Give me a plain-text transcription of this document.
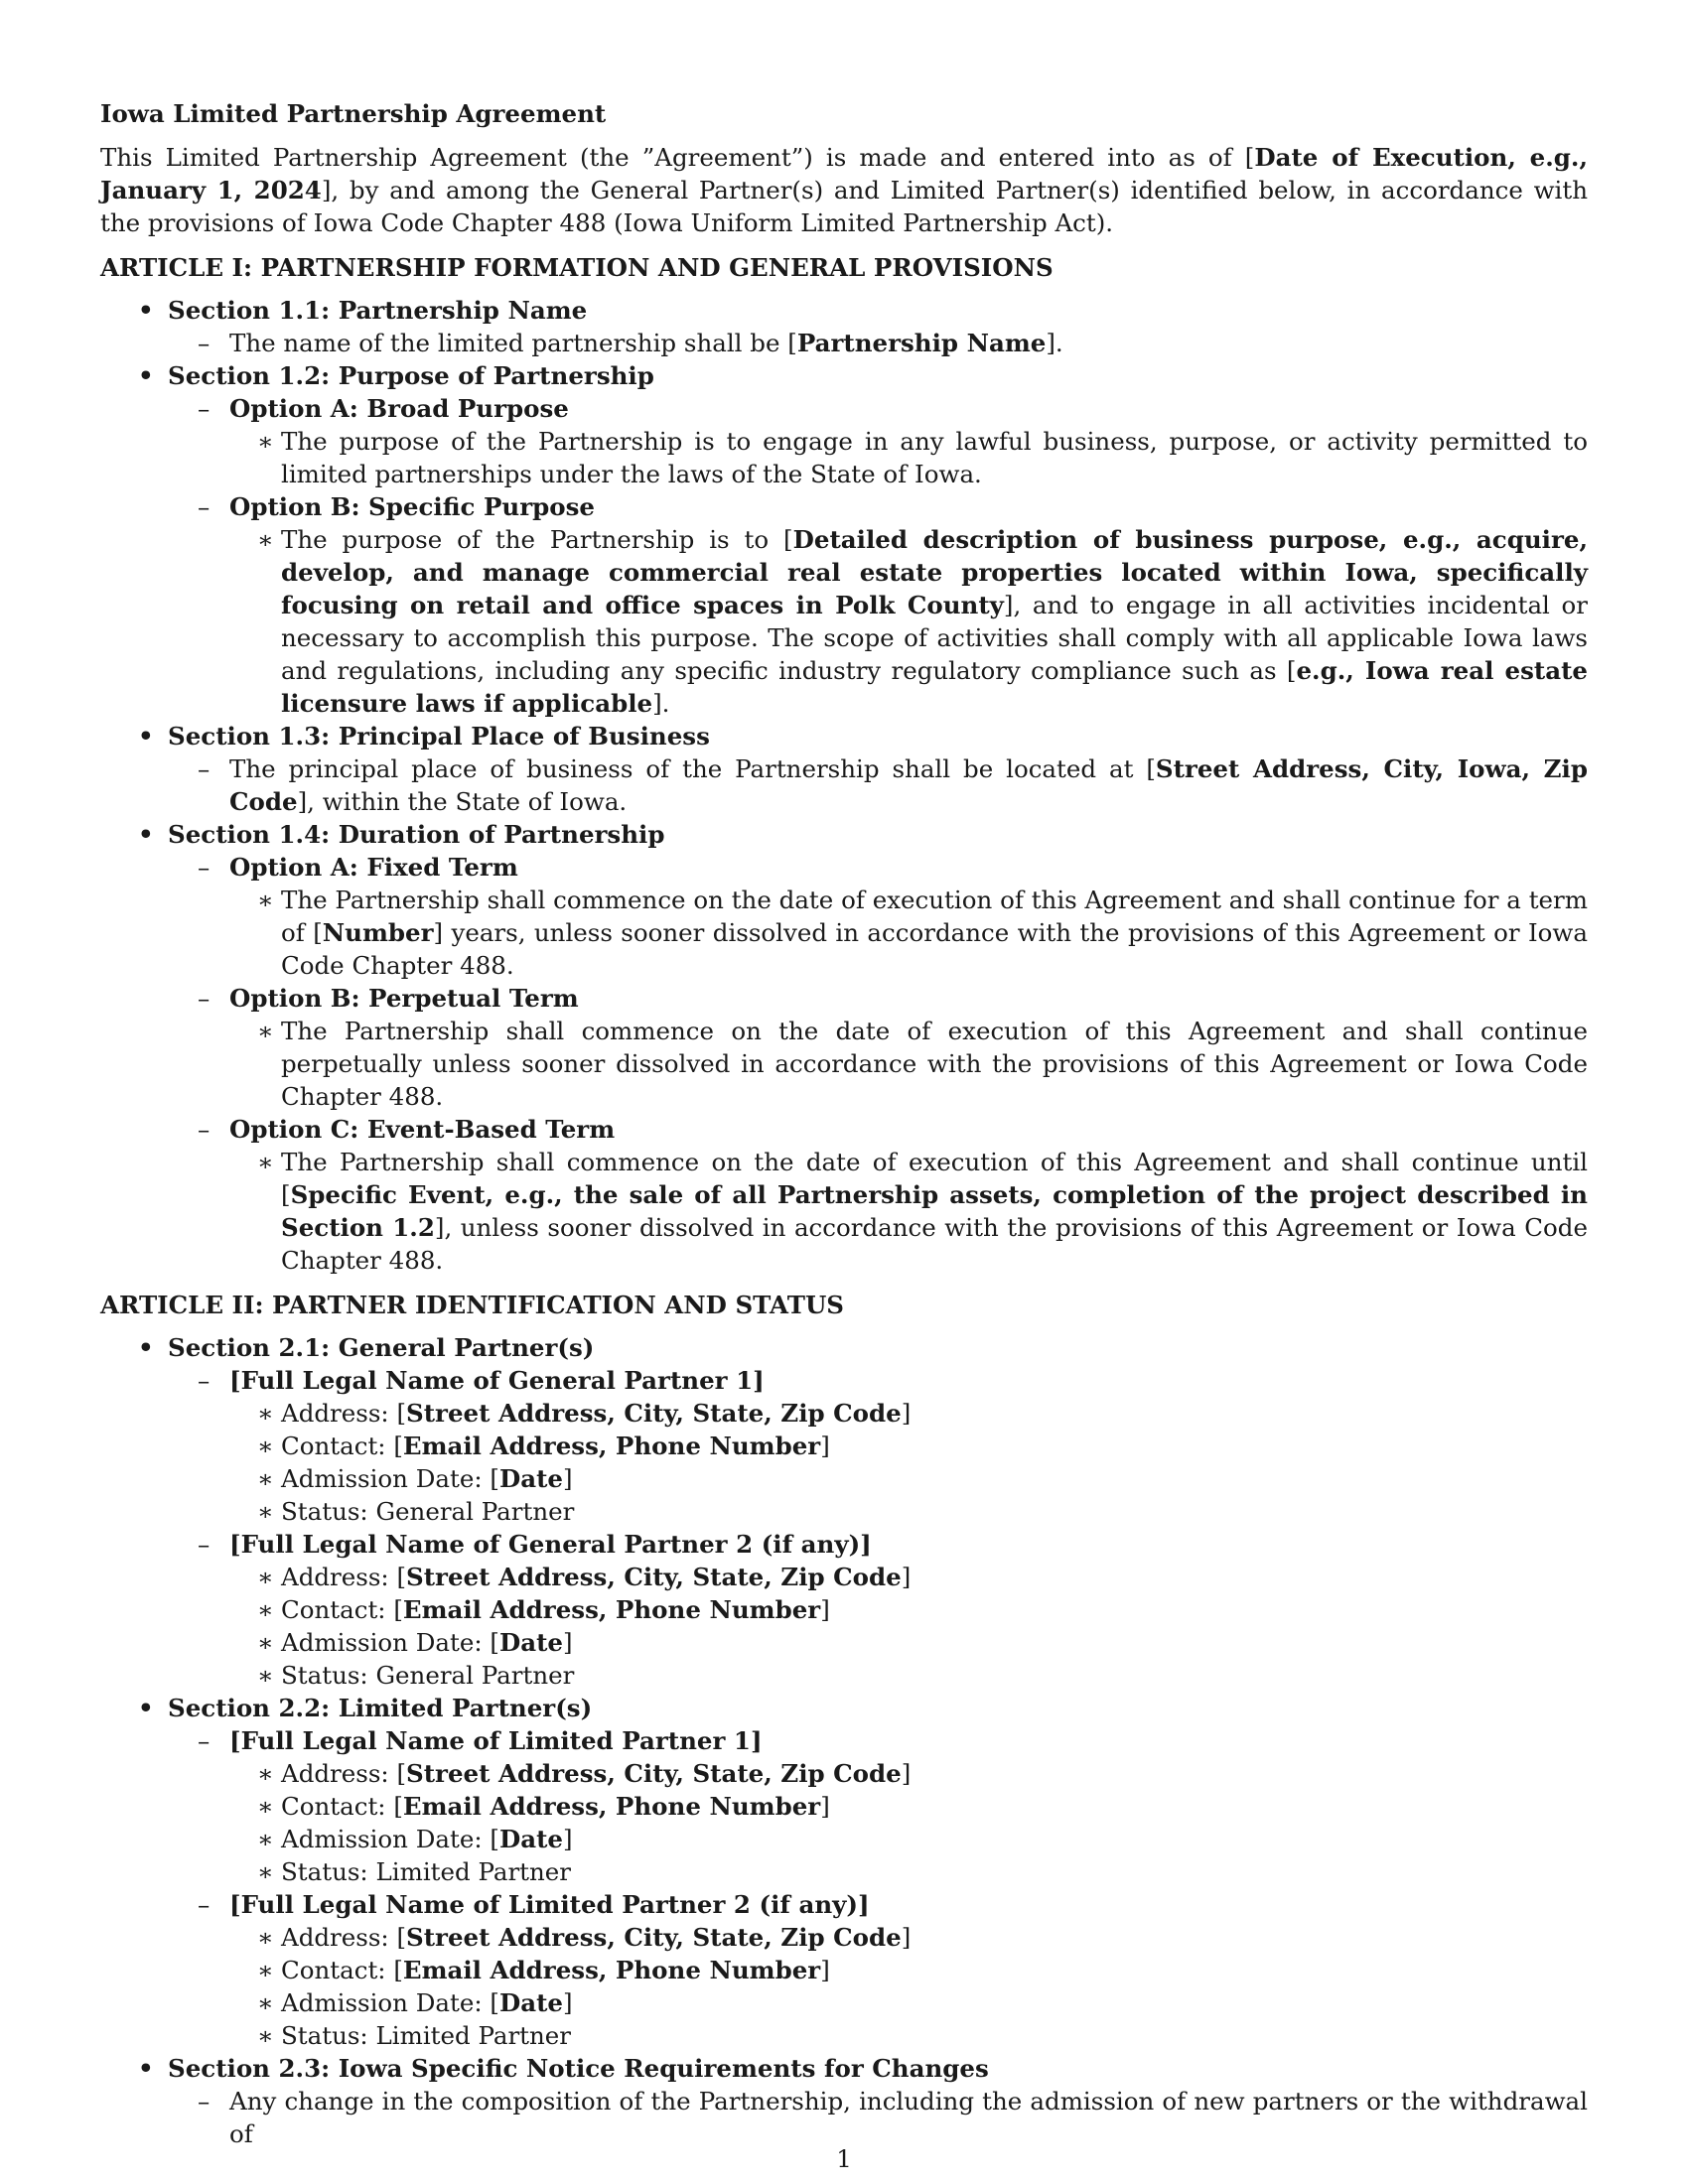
Iowa Limited Partnership Agreement

This Limited Partnership Agreement (the ”Agreement”) is made and entered into as of [Date of Execution, e.g., January 1, 2024], by and among the General Partner(s) and Limited Partner(s) identified below, in accordance with the provisions of Iowa Code Chapter 488 (Iowa Uniform Limited Partnership Act).

ARTICLE I: PARTNERSHIP FORMATION AND GENERAL PROVISIONS
• Section 1.1: Partnership Name
– The name of the limited partnership shall be [Partnership Name].
• Section 1.2: Purpose of Partnership
– Option A: Broad Purpose
∗ The purpose of the Partnership is to engage in any lawful business, purpose, or activity permitted to limited partnerships under the laws of the State of Iowa.
– Option B: Specific Purpose
∗ The purpose of the Partnership is to [Detailed description of business purpose, e.g., acquire, develop, and manage commercial real estate properties located within Iowa, specifically focusing on retail and office spaces in Polk County], and to engage in all activities incidental or necessary to accomplish this purpose. The scope of activities shall comply with all applicable Iowa laws and regulations, including any specific industry regulatory compliance such as [e.g., Iowa real estate licensure laws if applicable].
• Section 1.3: Principal Place of Business
– The principal place of business of the Partnership shall be located at [Street Address, City, Iowa, Zip Code], within the State of Iowa.
• Section 1.4: Duration of Partnership
– Option A: Fixed Term
∗ The Partnership shall commence on the date of execution of this Agreement and shall continue for a term of [Number] years, unless sooner dissolved in accordance with the provisions of this Agreement or Iowa Code Chapter 488.
– Option B: Perpetual Term
∗ The Partnership shall commence on the date of execution of this Agreement and shall continue perpetually unless sooner dissolved in accordance with the provisions of this Agreement or Iowa Code Chapter 488.
– Option C: Event-Based Term
∗ The Partnership shall commence on the date of execution of this Agreement and shall continue until [Specific Event, e.g., the sale of all Partnership assets, completion of the project described in Section 1.2], unless sooner dissolved in accordance with the provisions of this Agreement or Iowa Code Chapter 488.
ARTICLE II: PARTNER IDENTIFICATION AND STATUS
• Section 2.1: General Partner(s)
– [Full Legal Name of General Partner 1]
∗ Address: [Street Address, City, State, Zip Code]
∗ Contact: [Email Address, Phone Number]
∗ Admission Date: [Date]
∗ Status: General Partner
– [Full Legal Name of General Partner 2 (if any)]
∗ Address: [Street Address, City, State, Zip Code]
∗ Contact: [Email Address, Phone Number]
∗ Admission Date: [Date]
∗ Status: General Partner
• Section 2.2: Limited Partner(s)
– [Full Legal Name of Limited Partner 1]
∗ Address: [Street Address, City, State, Zip Code]
∗ Contact: [Email Address, Phone Number]
∗ Admission Date: [Date]
∗ Status: Limited Partner
– [Full Legal Name of Limited Partner 2 (if any)]
∗ Address: [Street Address, City, State, Zip Code]
∗ Contact: [Email Address, Phone Number]
∗ Admission Date: [Date]
∗ Status: Limited Partner
• Section 2.3: Iowa Specific Notice Requirements for Changes
– Any change in the composition of the Partnership, including the admission of new partners or the withdrawal of
1
